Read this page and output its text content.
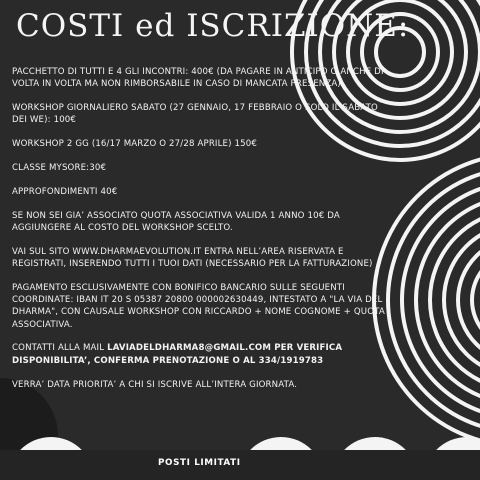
COSTI ed ISCRIZIONE:

PACCHETTO DI TUTTI E 4 GLI INCONTRI: 400€ (DA PAGARE IN ANTICIPO O ANCHE DI VOLTA IN VOLTA MA NON RIMBORSABILE IN CASO DI MANCATA PRESENZA)

WORKSHOP GIORNALIERO SABATO (27 GENNAIO, 17 FEBBRAIO O SOLO IL SABATO DEI WE): 100€

WORKSHOP 2 GG (16/17 MARZO O 27/28 APRILE) 150€

CLASSE MYSORE:30€

APPROFONDIMENTI 40€

SE NON SEI GIA’ ASSOCIATO QUOTA ASSOCIATIVA VALIDA 1 ANNO 10€ DA AGGIUNGERE AL COSTO DEL WORKSHOP SCELTO.

VAI SUL SITO WWW.DHARMAEVOLUTION.IT ENTRA NELL’AREA RISERVATA E REGISTRATI, INSERENDO TUTTI I TUOI DATI (NECESSARIO PER LA FATTURAZIONE)

PAGAMENTO ESCLUSIVAMENTE CON BONIFICO BANCARIO SULLE SEGUENTI COORDINATE: IBAN IT 20 S 05387 20800 000002630449, INTESTATO A "LA VIA DEL DHARMA", CON CAUSALE WORKSHOP CON RICCARDO + NOME COGNOME + QUOTA ASSOCIATIVA.

CONTATTI ALLA MAIL LAVIADELDHARMA8@GMAIL.COM PER VERIFICA DISPONIBILITA’, CONFERMA PRENOTAZIONE O AL 334/1919783

VERRA’ DATA PRIORITA’ A CHI SI ISCRIVE ALL’INTERA GIORNATA.

POSTI LIMITATI
